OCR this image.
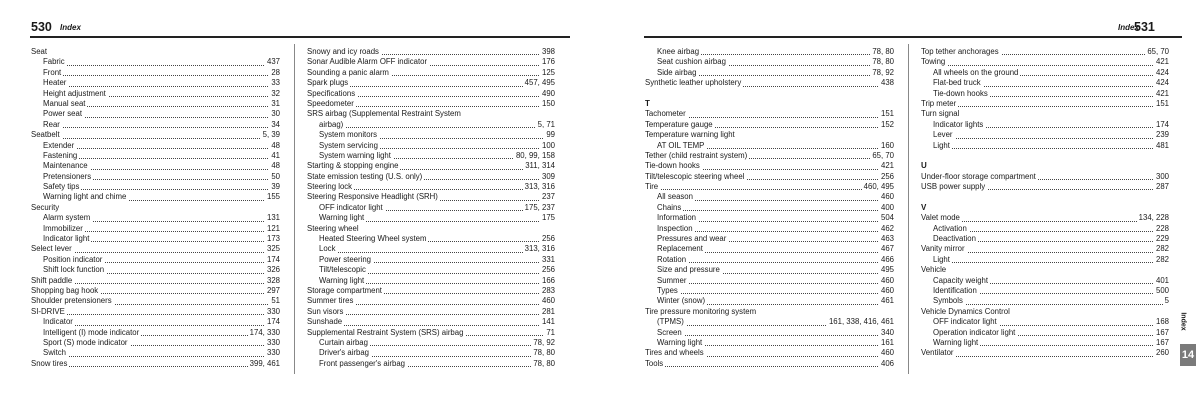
530 Index
Seat
Fabric	437
Front	28
Heater	33
Height adjustment	32
Manual seat	31
Power seat	30
Rear	34
Seatbelt	5, 39
Extender	48
Fastening	41
Maintenance	48
Pretensioners	50
Safety tips	39
Warning light and chime	155
Security
Alarm system	131
Immobilizer	121
Indicator light	173
Select lever	325
Position indicator	174
Shift lock function	326
Shift paddle	328
Shopping bag hook	297
Shoulder pretensioners	51
SI-DRIVE	330
Indicator	174
Intelligent (I) mode indicator	174, 330
Sport (S) mode indicator	330
Switch	330
Snow tires	399, 461
Snowy and icy roads	398
Sonar Audible Alarm OFF indicator	176
Sounding a panic alarm	125
Spark plugs	457, 495
Specifications	490
Speedometer	150
SRS airbag (Supplemental Restraint System
airbag)	5, 71
System monitors	99
System servicing	100
System warning light	80, 99, 158
Starting & stopping engine	311, 314
State emission testing (U.S. only)	309
Steering lock	313, 316
Steering Responsive Headlight (SRH)	237
OFF indicator light	175, 237
Warning light	175
Steering wheel
Heated Steering Wheel system	256
Lock	313, 316
Power steering	331
Tilt/telescopic	256
Warning light	166
Storage compartment	283
Summer tires	460
Sun visors	281
Sunshade	141
Supplemental Restraint System (SRS) airbag	71
Curtain airbag	78, 92
Driver's airbag	78, 80
Front passenger's airbag	78, 80
Index
531
Knee airbag	78, 80
Seat cushion airbag	78, 80
Side airbag	78, 92
Synthetic leather upholstery	438
T
Tachometer	151
Temperature gauge	152
Temperature warning light
AT OIL TEMP	160
Tether (child restraint system)	65, 70
Tie-down hooks	421
Tilt/telescopic steering wheel	256
Tire	460, 495
All season	460
Chains	400
Information	504
Inspection	462
Pressures and wear	463
Replacement	467
Rotation	466
Size and pressure	495
Summer	460
Types	460
Winter (snow)	461
Tire pressure monitoring system
(TPMS)	161, 338, 416, 461
Screen	340
Warning light	161
Tires and wheels	460
Tools	406
Top tether anchorages	65, 70
Towing	421
All wheels on the ground	424
Flat-bed truck	424
Tie-down hooks	421
Trip meter	151
Turn signal
Indicator lights	174
Lever	239
Light	481
U
Under-floor storage compartment	300
USB power supply	287
V
Valet mode	134, 228
Activation	228
Deactivation	229
Vanity mirror	282
Light	282
Vehicle
Capacity weight	401
Identification	500
Symbols	5
Vehicle Dynamics Control
OFF indicator light	168
Operation indicator light	167
Warning light	167
Ventilator	260
Index
14
